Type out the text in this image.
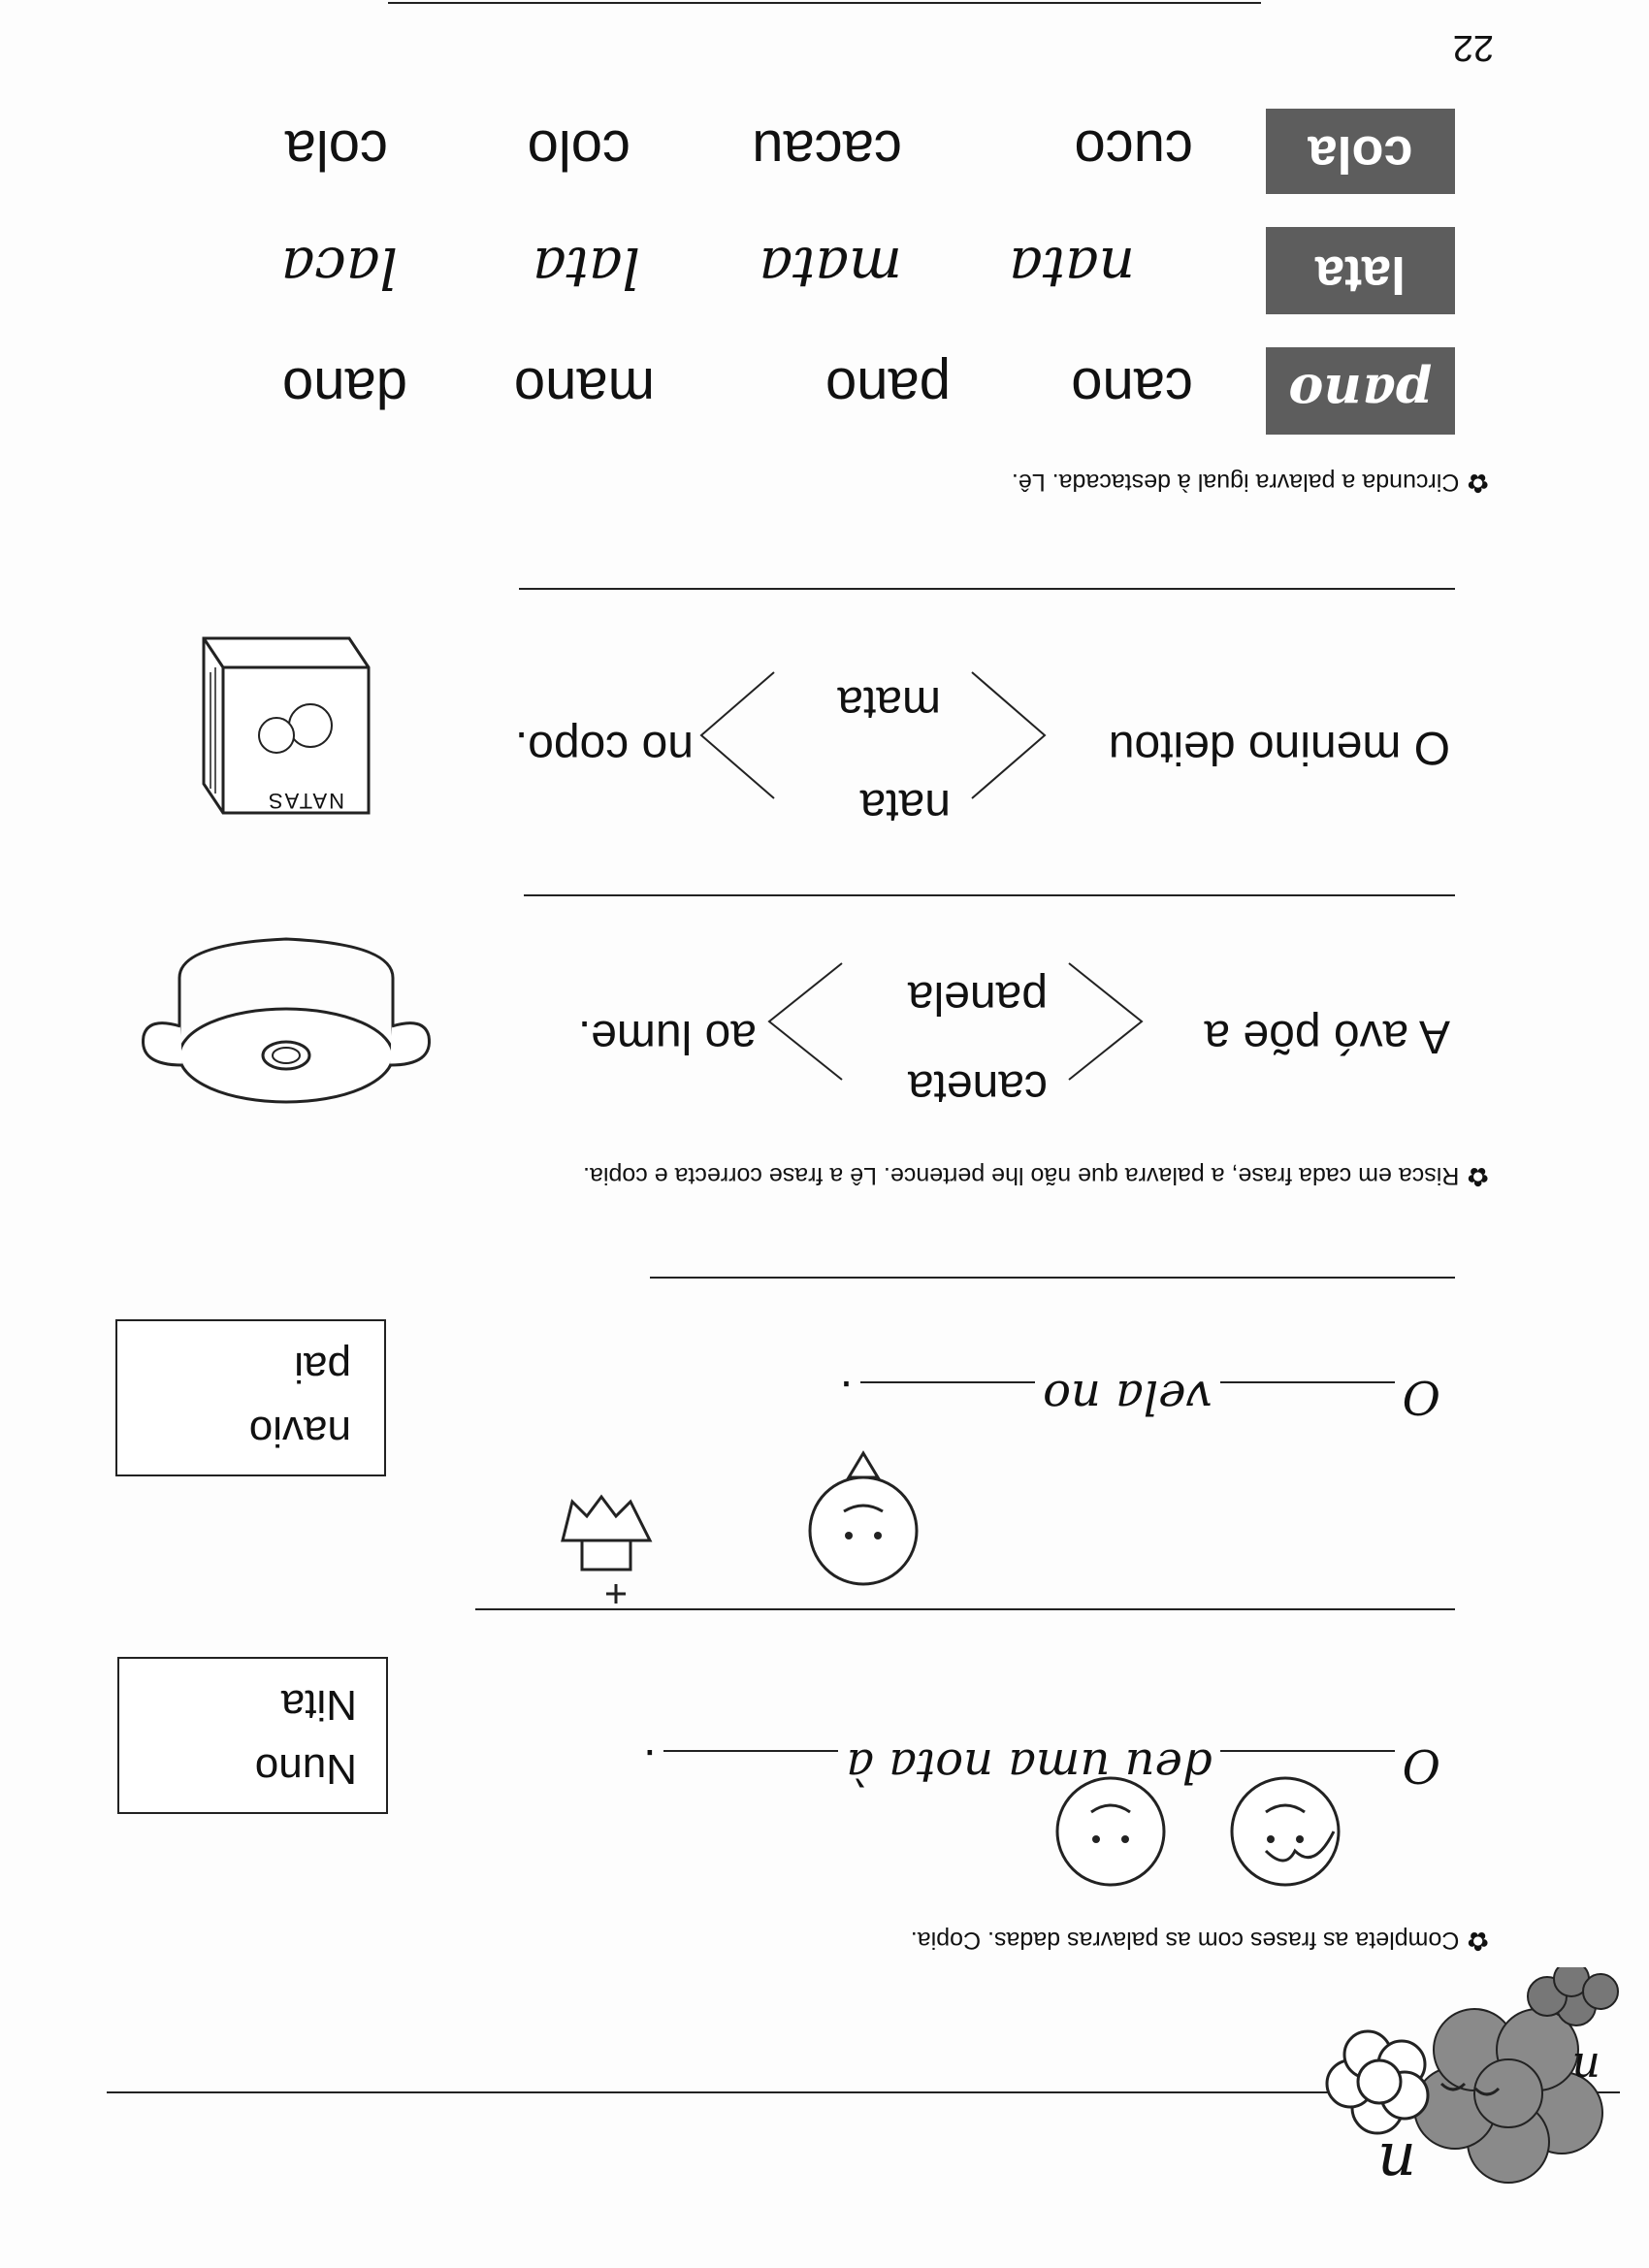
n
n
✿Completa as frases com as palavras dadas. Copia.
Odeu uma nota à.
Nuno
Nita
Ovela no.
navio
pai
✿Risca em cada frase, a palavra que não lhe pertence. Lê a frase correcta e copia.
A avó põe a
caneta
panela
ao lume.
O menino deitou
nata
mata
no copo.
NATAS
✿Circunda a palavra igual à destacada. Lê.
pano
cano
pano
mano
dano
lata
nata
mata
lata
laca
cola
cuco
cacau
colo
cola
22
